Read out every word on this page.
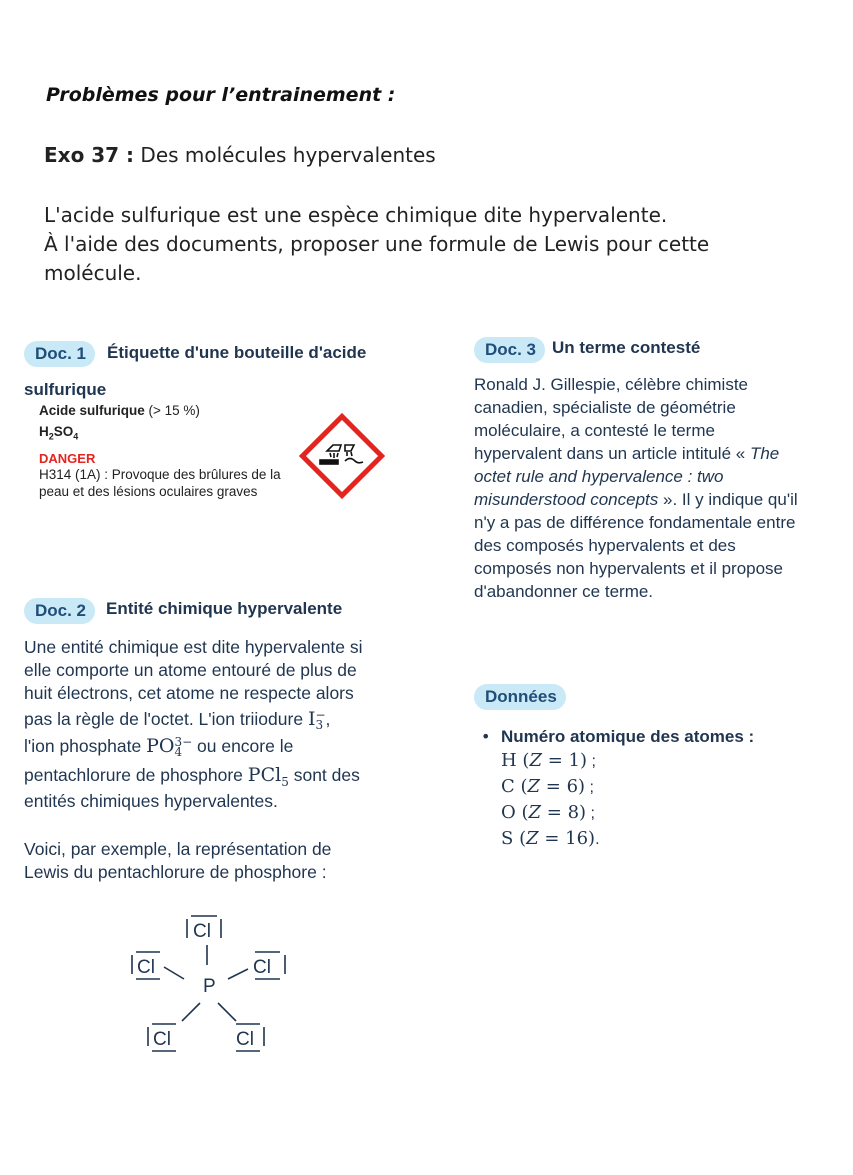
Problèmes pour l’entrainement :
Exo 37 : Des molécules hypervalentes
L'acide sulfurique est une espèce chimique dite hypervalente.
À l'aide des documents, proposer une formule de Lewis pour cette
molécule.
Doc. 1	Étiquette d'une bouteille d'acide
sulfurique
Acide sulfurique (> 15 %)
$H_2SO_4$
DANGER
H314 (1A) : Provoque des brûlures de la
peau et des lésions oculaires graves
Doc. 2	Entité chimique hypervalente
Une entité chimique est dite hypervalente si
elle comporte un atome entouré de plus de
huit électrons, cet atome ne respecte alors
pas la règle de l'octet. L'ion triiodure I −
3 ,
l'ion phosphate PO 3−
4 ou encore le
pentachlorure de phosphore PCl$_5$ sont des
entités chimiques hypervalentes.
Voici, par exemple, la représentation de
Lewis du pentachlorure de phosphore :
P
Cl
Cl	Cl
Cl	Cl
Doc. 3 Un terme contesté
Ronald J. Gillespie, célèbre chimiste
canadien, spécialiste de géométrie
moléculaire, a contesté le terme
hypervalent dans un article intitulé « The
octet rule and hypervalence : two
misunderstood concepts ». Il y indique qu'il
n'y a pas de différence fondamentale entre
des composés hypervalents et des
composés non hypervalents et il propose
d'abandonner ce terme.
Données
• Numéro atomique des atomes :
H (Z = 1) ;
C (Z = 6) ;
O (Z = 8) ;
S (Z = 16).
